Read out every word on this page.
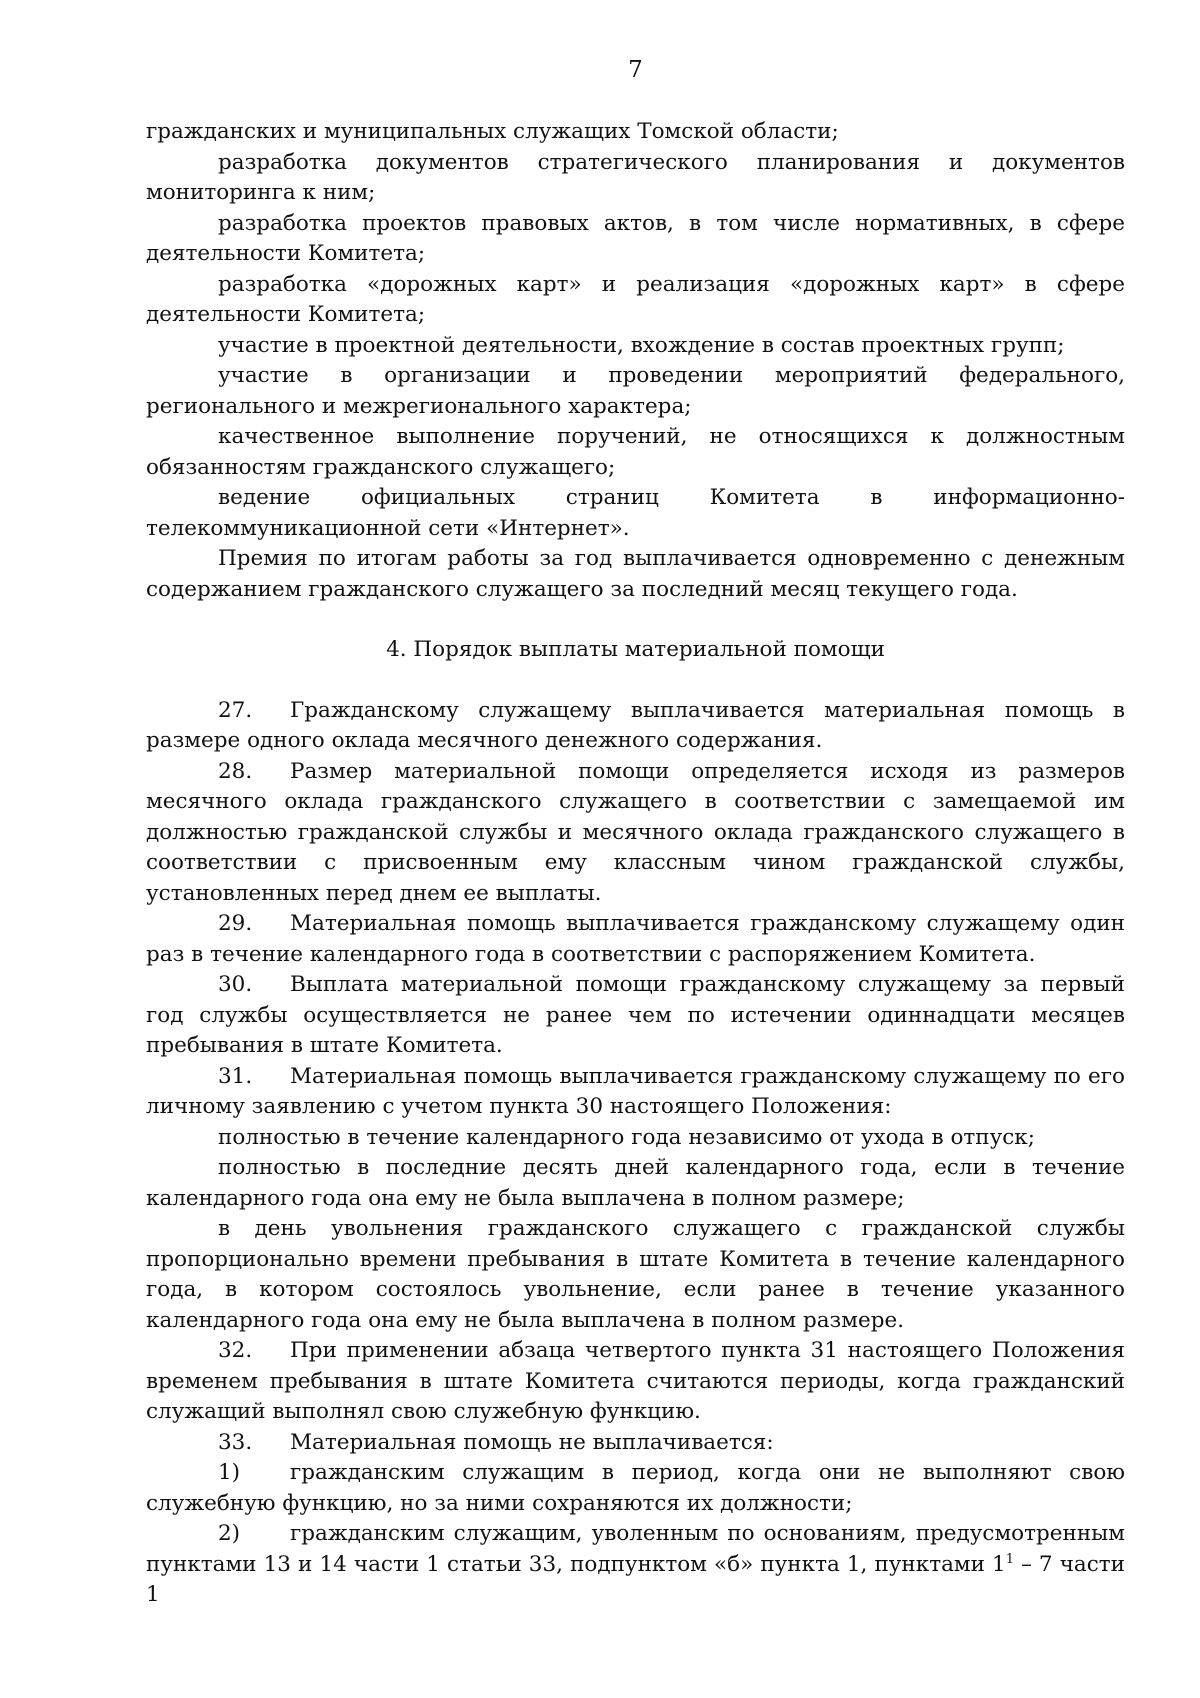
7

гражданских и муниципальных служащих Томской области;

разработка документов стратегического планирования и документов мониторинга к ним;

разработка проектов правовых актов, в том числе нормативных, в сфере деятельности Комитета;

разработка «дорожных карт» и реализация «дорожных карт» в сфере деятельности Комитета;

участие в проектной деятельности, вхождение в состав проектных групп;

участие в организации и проведении мероприятий федерального, регионального и межрегионального характера;

качественное выполнение поручений, не относящихся к должностным обязанностям гражданского служащего;

ведение официальных страниц Комитета в информационно-телекоммуникационной сети «Интернет».

Премия по итогам работы за год выплачивается одновременно с денежным содержанием гражданского служащего за последний месяц текущего года.

4. Порядок выплаты материальной помощи

27. Гражданскому служащему выплачивается материальная помощь в размере одного оклада месячного денежного содержания.

28. Размер материальной помощи определяется исходя из размеров месячного оклада гражданского служащего в соответствии с замещаемой им должностью гражданской службы и месячного оклада гражданского служащего в соответствии с присвоенным ему классным чином гражданской службы, установленных перед днем ее выплаты.

29. Материальная помощь выплачивается гражданскому служащему один раз в течение календарного года в соответствии с распоряжением Комитета.

30. Выплата материальной помощи гражданскому служащему за первый год службы осуществляется не ранее чем по истечении одиннадцати месяцев пребывания в штате Комитета.

31. Материальная помощь выплачивается гражданскому служащему по его личному заявлению с учетом пункта 30 настоящего Положения:

полностью в течение календарного года независимо от ухода в отпуск;

полностью в последние десять дней календарного года, если в течение календарного года она ему не была выплачена в полном размере;

в день увольнения гражданского служащего с гражданской службы пропорционально времени пребывания в штате Комитета в течение календарного года, в котором состоялось увольнение, если ранее в течение указанного календарного года она ему не была выплачена в полном размере.

32. При применении абзаца четвертого пункта 31 настоящего Положения временем пребывания в штате Комитета считаются периоды, когда гражданский служащий выполнял свою служебную функцию.

33. Материальная помощь не выплачивается:

1) гражданским служащим в период, когда они не выполняют свою служебную функцию, но за ними сохраняются их должности;

2) гражданским служащим, уволенным по основаниям, предусмотренным пунктами 13 и 14 части 1 статьи 33, подпунктом «б» пункта 1, пунктами $1^1 - 7$ части 1
